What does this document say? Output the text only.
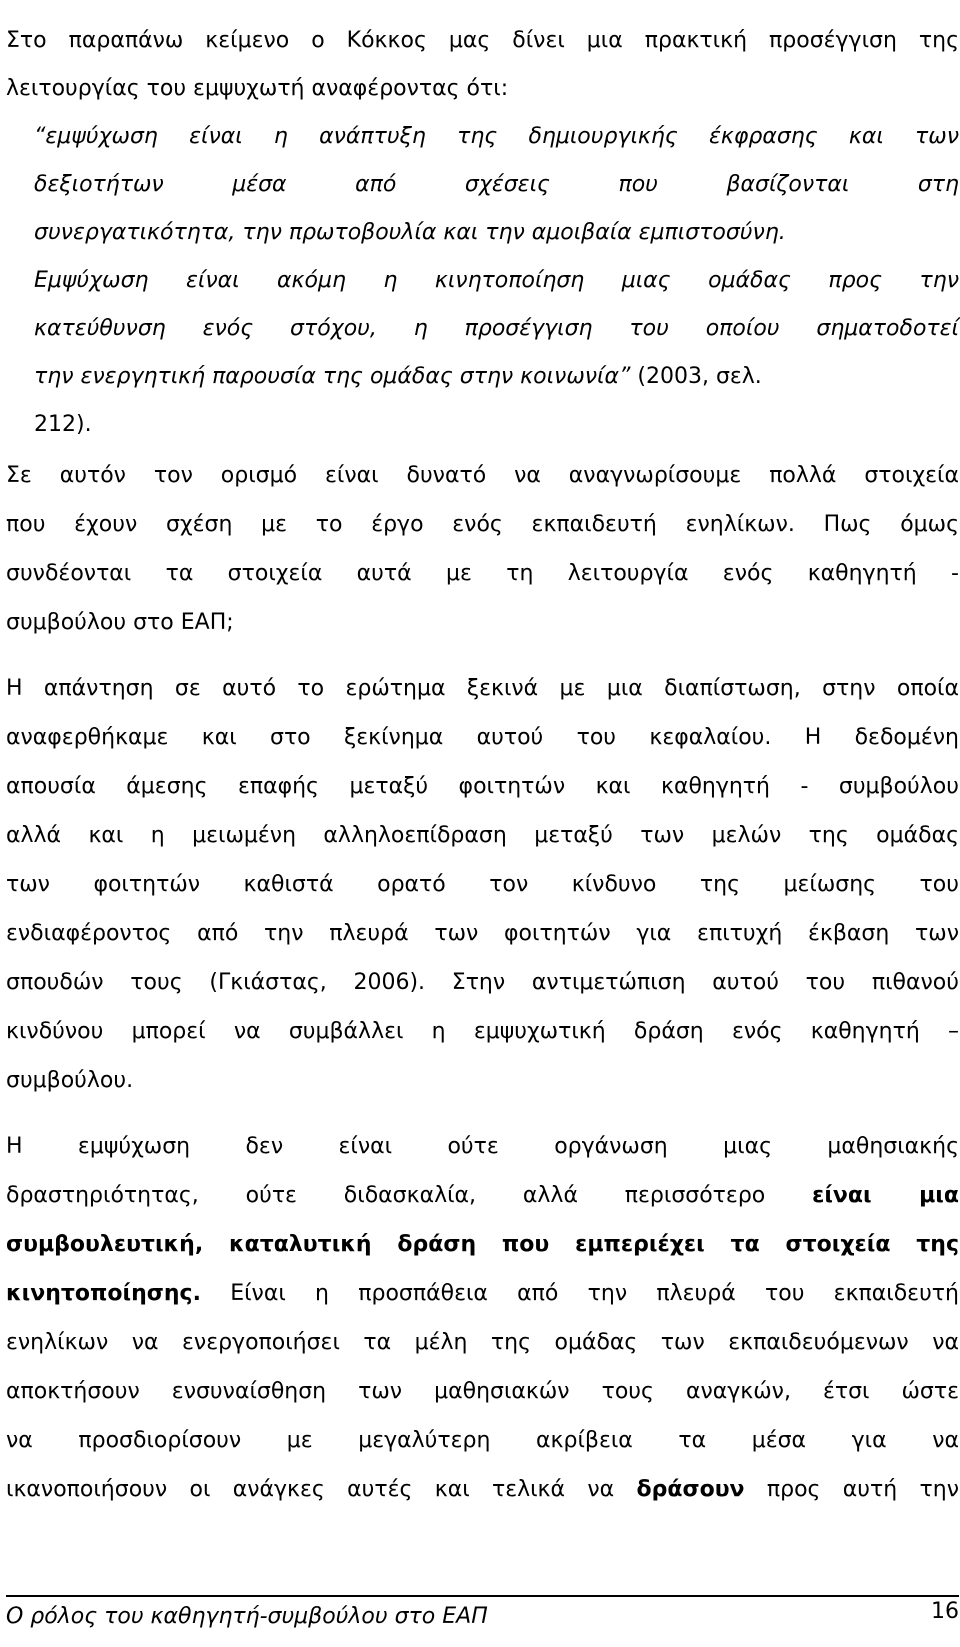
Στο παραπάνω κείμενο ο Κόκκος μας δίνει μια πρακτική προσέγγιση της
λειτουργίας του εμψυχωτή αναφέροντας ότι:
“εμψύχωση είναι η ανάπτυξη της δημιουργικής έκφρασης και των
δεξιοτήτων μέσα από σχέσεις που βασίζονται στη
συνεργατικότητα, την πρωτοβουλία και την αμοιβαία εμπιστοσύνη.
Εμψύχωση είναι ακόμη η κινητοποίηση μιας ομάδας προς την
κατεύθυνση ενός στόχου, η προσέγγιση του οποίου σηματοδοτεί
την ενεργητική παρουσία της ομάδας στην κοινωνία” (2003, σελ.
212).
Σε αυτόν τον ορισμό είναι δυνατό να αναγνωρίσουμε πολλά στοιχεία
που έχουν σχέση με το έργο ενός εκπαιδευτή ενηλίκων. Πως όμως
συνδέονται τα στοιχεία αυτά με τη λειτουργία ενός καθηγητή -
συμβούλου στο ΕΑΠ;
Η απάντηση σε αυτό το ερώτημα ξεκινά με μια διαπίστωση, στην οποία
αναφερθήκαμε και στο ξεκίνημα αυτού του κεφαλαίου. Η δεδομένη
απουσία άμεσης επαφής μεταξύ φοιτητών και καθηγητή - συμβούλου
αλλά και η μειωμένη αλληλοεπίδραση μεταξύ των μελών της ομάδας
των φοιτητών καθιστά ορατό τον κίνδυνο της μείωσης του
ενδιαφέροντος από την πλευρά των φοιτητών για επιτυχή έκβαση των
σπουδών τους (Γκιάστας, 2006). Στην αντιμετώπιση αυτού του πιθανού
κινδύνου μπορεί να συμβάλλει η εμψυχωτική δράση ενός καθηγητή –
συμβούλου.
Η εμψύχωση δεν είναι ούτε οργάνωση μιας μαθησιακής
δραστηριότητας, ούτε διδασκαλία, αλλά περισσότερο είναι μια
συμβουλευτική, καταλυτική δράση που εμπεριέχει τα στοιχεία της
κινητοποίησης. Είναι η προσπάθεια από την πλευρά του εκπαιδευτή
ενηλίκων να ενεργοποιήσει τα μέλη της ομάδας των εκπαιδευόμενων να
αποκτήσουν ενσυναίσθηση των μαθησιακών τους αναγκών, έτσι ώστε
να προσδιορίσουν με μεγαλύτερη ακρίβεια τα μέσα για να
ικανοποιήσουν οι ανάγκες αυτές και τελικά να δράσουν προς αυτή την
Ο ρόλος του καθηγητή-συμβούλου στο ΕΑΠ	16
